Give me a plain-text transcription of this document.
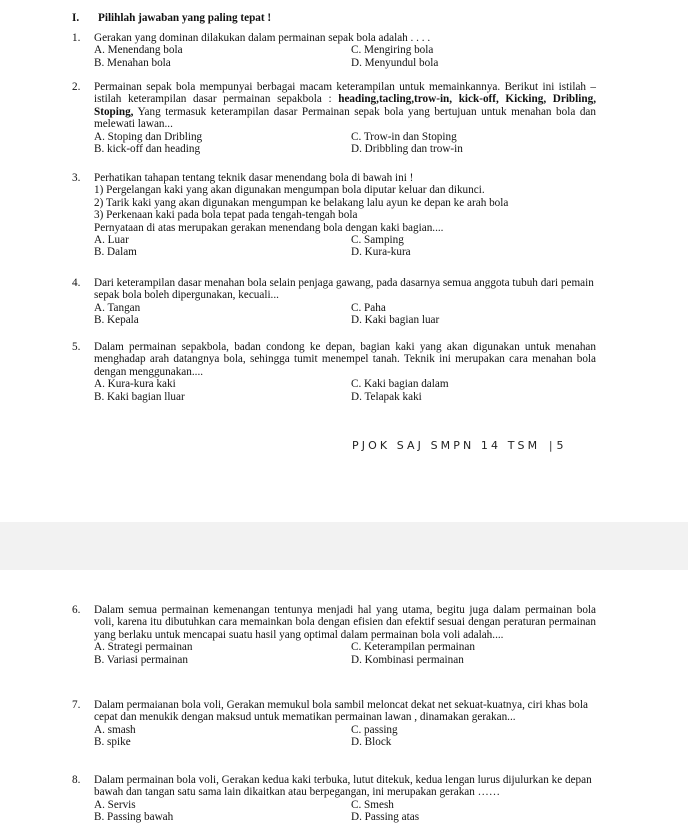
I. Pilihlah jawaban yang paling tepat !
1. Gerakan yang dominan dilakukan dalam permainan sepak bola adalah . . . .
A. Menendang bola	C. Mengiring bola
B. Menahan bola	D. Menyundul bola
2. Permainan sepak bola mempunyai berbagai macam keterampilan untuk memainkannya. Berikut ini istilah – istilah keterampilan dasar permainan sepakbola : heading,tacling,trow-in, kick-off, Kicking, Dribling, Stoping, Yang termasuk keterampilan dasar Permainan sepak bola yang bertujuan untuk menahan bola dan melewati lawan...
A. Stoping dan Dribling	C. Trow-in dan Stoping
B. kick-off dan heading	D. Dribbling dan trow-in
3. Perhatikan tahapan tentang teknik dasar menendang bola di bawah ini !
1) Pergelangan kaki yang akan digunakan mengumpan bola diputar keluar dan dikunci.
2) Tarik kaki yang akan digunakan mengumpan ke belakang lalu ayun ke depan ke arah bola
3) Perkenaan kaki pada bola tepat pada tengah-tengah bola
Pernyataan di atas merupakan gerakan menendang bola dengan kaki bagian....
A. Luar	C. Samping
B. Dalam	D. Kura-kura
4. Dari keterampilan dasar menahan bola selain penjaga gawang, pada dasarnya semua anggota tubuh dari pemain sepak bola boleh dipergunakan, kecuali...
A. Tangan	C. Paha
B. Kepala	D. Kaki bagian luar
5. Dalam permainan sepakbola, badan condong ke depan, bagian kaki yang akan digunakan untuk menahan menghadap arah datangnya bola, sehingga tumit menempel tanah. Teknik ini merupakan cara menahan bola dengan menggunakan....
A. Kura-kura kaki	C. Kaki bagian dalam
B. Kaki bagian lluar	D. Telapak kaki
PJOK SAJ SMPN 14 TSM | 5
6. Dalam semua permainan kemenangan tentunya menjadi hal yang utama, begitu juga dalam permainan bola voli, karena itu dibutuhkan cara memainkan bola dengan efisien dan efektif sesuai dengan peraturan permainan yang berlaku untuk mencapai suatu hasil yang optimal dalam permainan bola voli adalah....
A. Strategi permainan	C. Keterampilan permainan
B. Variasi permainan	D. Kombinasi permainan
7. Dalam permaianan bola voli, Gerakan memukul bola sambil meloncat dekat net sekuat-kuatnya, ciri khas bola cepat dan menukik dengan maksud untuk mematikan permainan lawan , dinamakan gerakan...
A. smash	C. passing
B. spike	D. Block
8. Dalam permainan bola voli, Gerakan kedua kaki terbuka, lutut ditekuk, kedua lengan lurus dijulurkan ke depan bawah dan tangan satu sama lain dikaitkan atau berpegangan, ini merupakan gerakan ……
A. Servis	C. Smesh
B. Passing bawah	D. Passing atas
